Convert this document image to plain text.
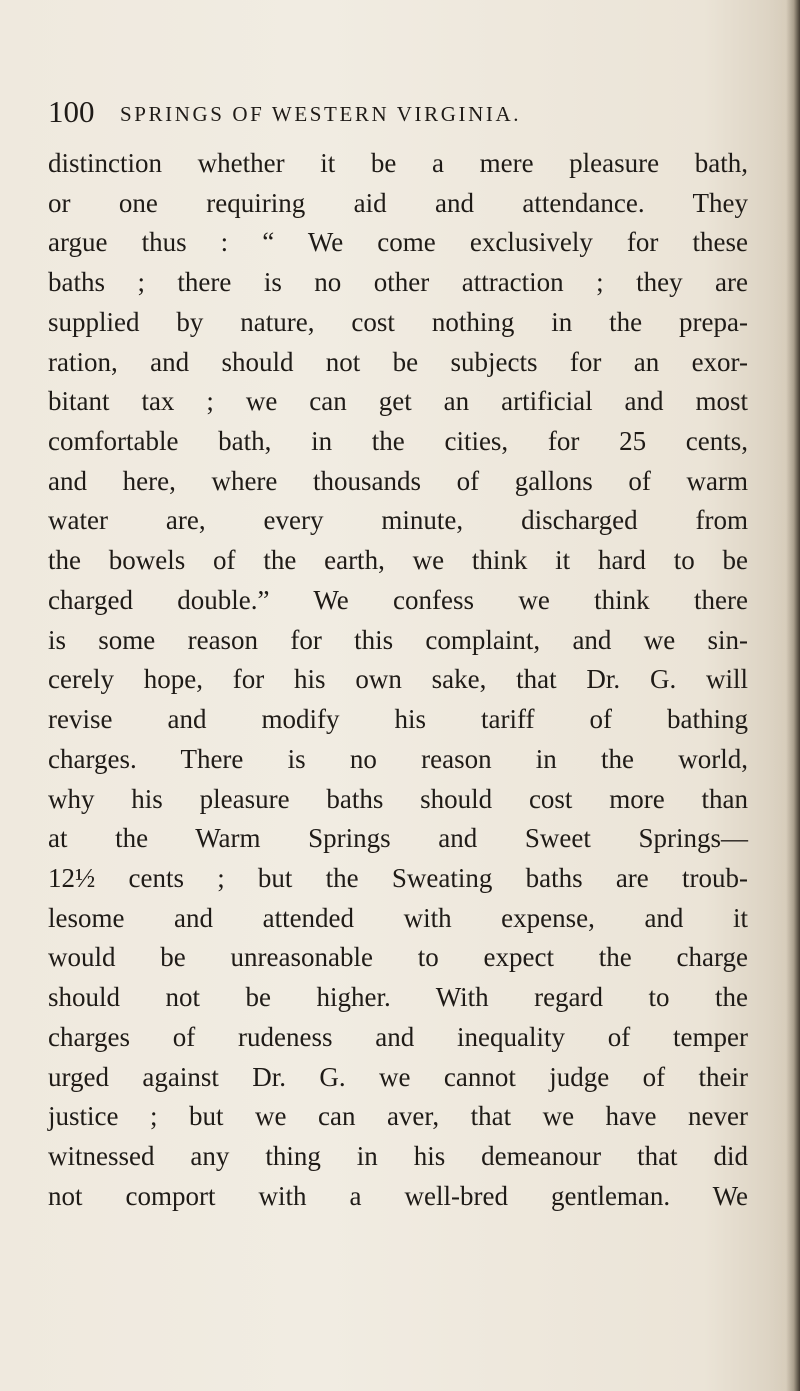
100 SPRINGS OF WESTERN VIRGINIA.
distinction whether it be a mere pleasure bath,
or one requiring aid and attendance. They
argue thus : “ We come exclusively for these
baths ; there is no other attraction ; they are
supplied by nature, cost nothing in the prepa-
ration, and should not be subjects for an exor-
bitant tax ; we can get an artificial and most
comfortable bath, in the cities, for 25 cents,
and here, where thousands of gallons of warm
water are, every minute, discharged from
the bowels of the earth, we think it hard to be
charged double.” We confess we think there
is some reason for this complaint, and we sin-
cerely hope, for his own sake, that Dr. G. will
revise and modify his tariff of bathing
charges. There is no reason in the world,
why his pleasure baths should cost more than
at the Warm Springs and Sweet Springs—
12½ cents ; but the Sweating baths are troub-
lesome and attended with expense, and it
would be unreasonable to expect the charge
should not be higher. With regard to the
charges of rudeness and inequality of temper
urged against Dr. G. we cannot judge of their
justice ; but we can aver, that we have never
witnessed any thing in his demeanour that did
not comport with a well-bred gentleman. We
